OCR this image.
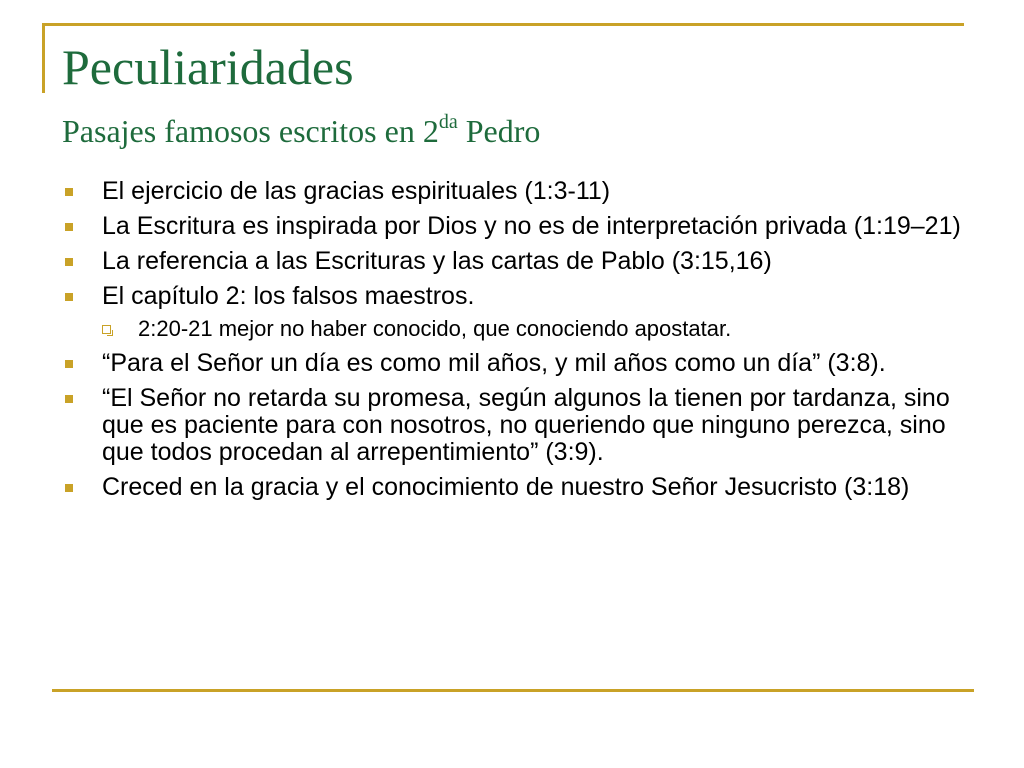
Peculiaridades
Pasajes famosos escritos en $2^{da}$ Pedro
El ejercicio de las gracias espirituales (1:3-11)
La Escritura es inspirada por Dios y no es de interpretación privada (1:19–21)
La referencia a las Escrituras y las cartas de Pablo (3:15,16)
El capítulo 2: los falsos maestros.
2:20-21 mejor no haber conocido, que conociendo apostatar.
“Para el Señor un día es como mil años, y mil años como un día” (3:8).
“El Señor no retarda su promesa, según algunos la tienen por tardanza, sino que es paciente para con nosotros, no queriendo que ninguno perezca, sino que todos procedan al arrepentimiento” (3:9).
Creced en la gracia y el conocimiento de nuestro Señor Jesucristo (3:18)
